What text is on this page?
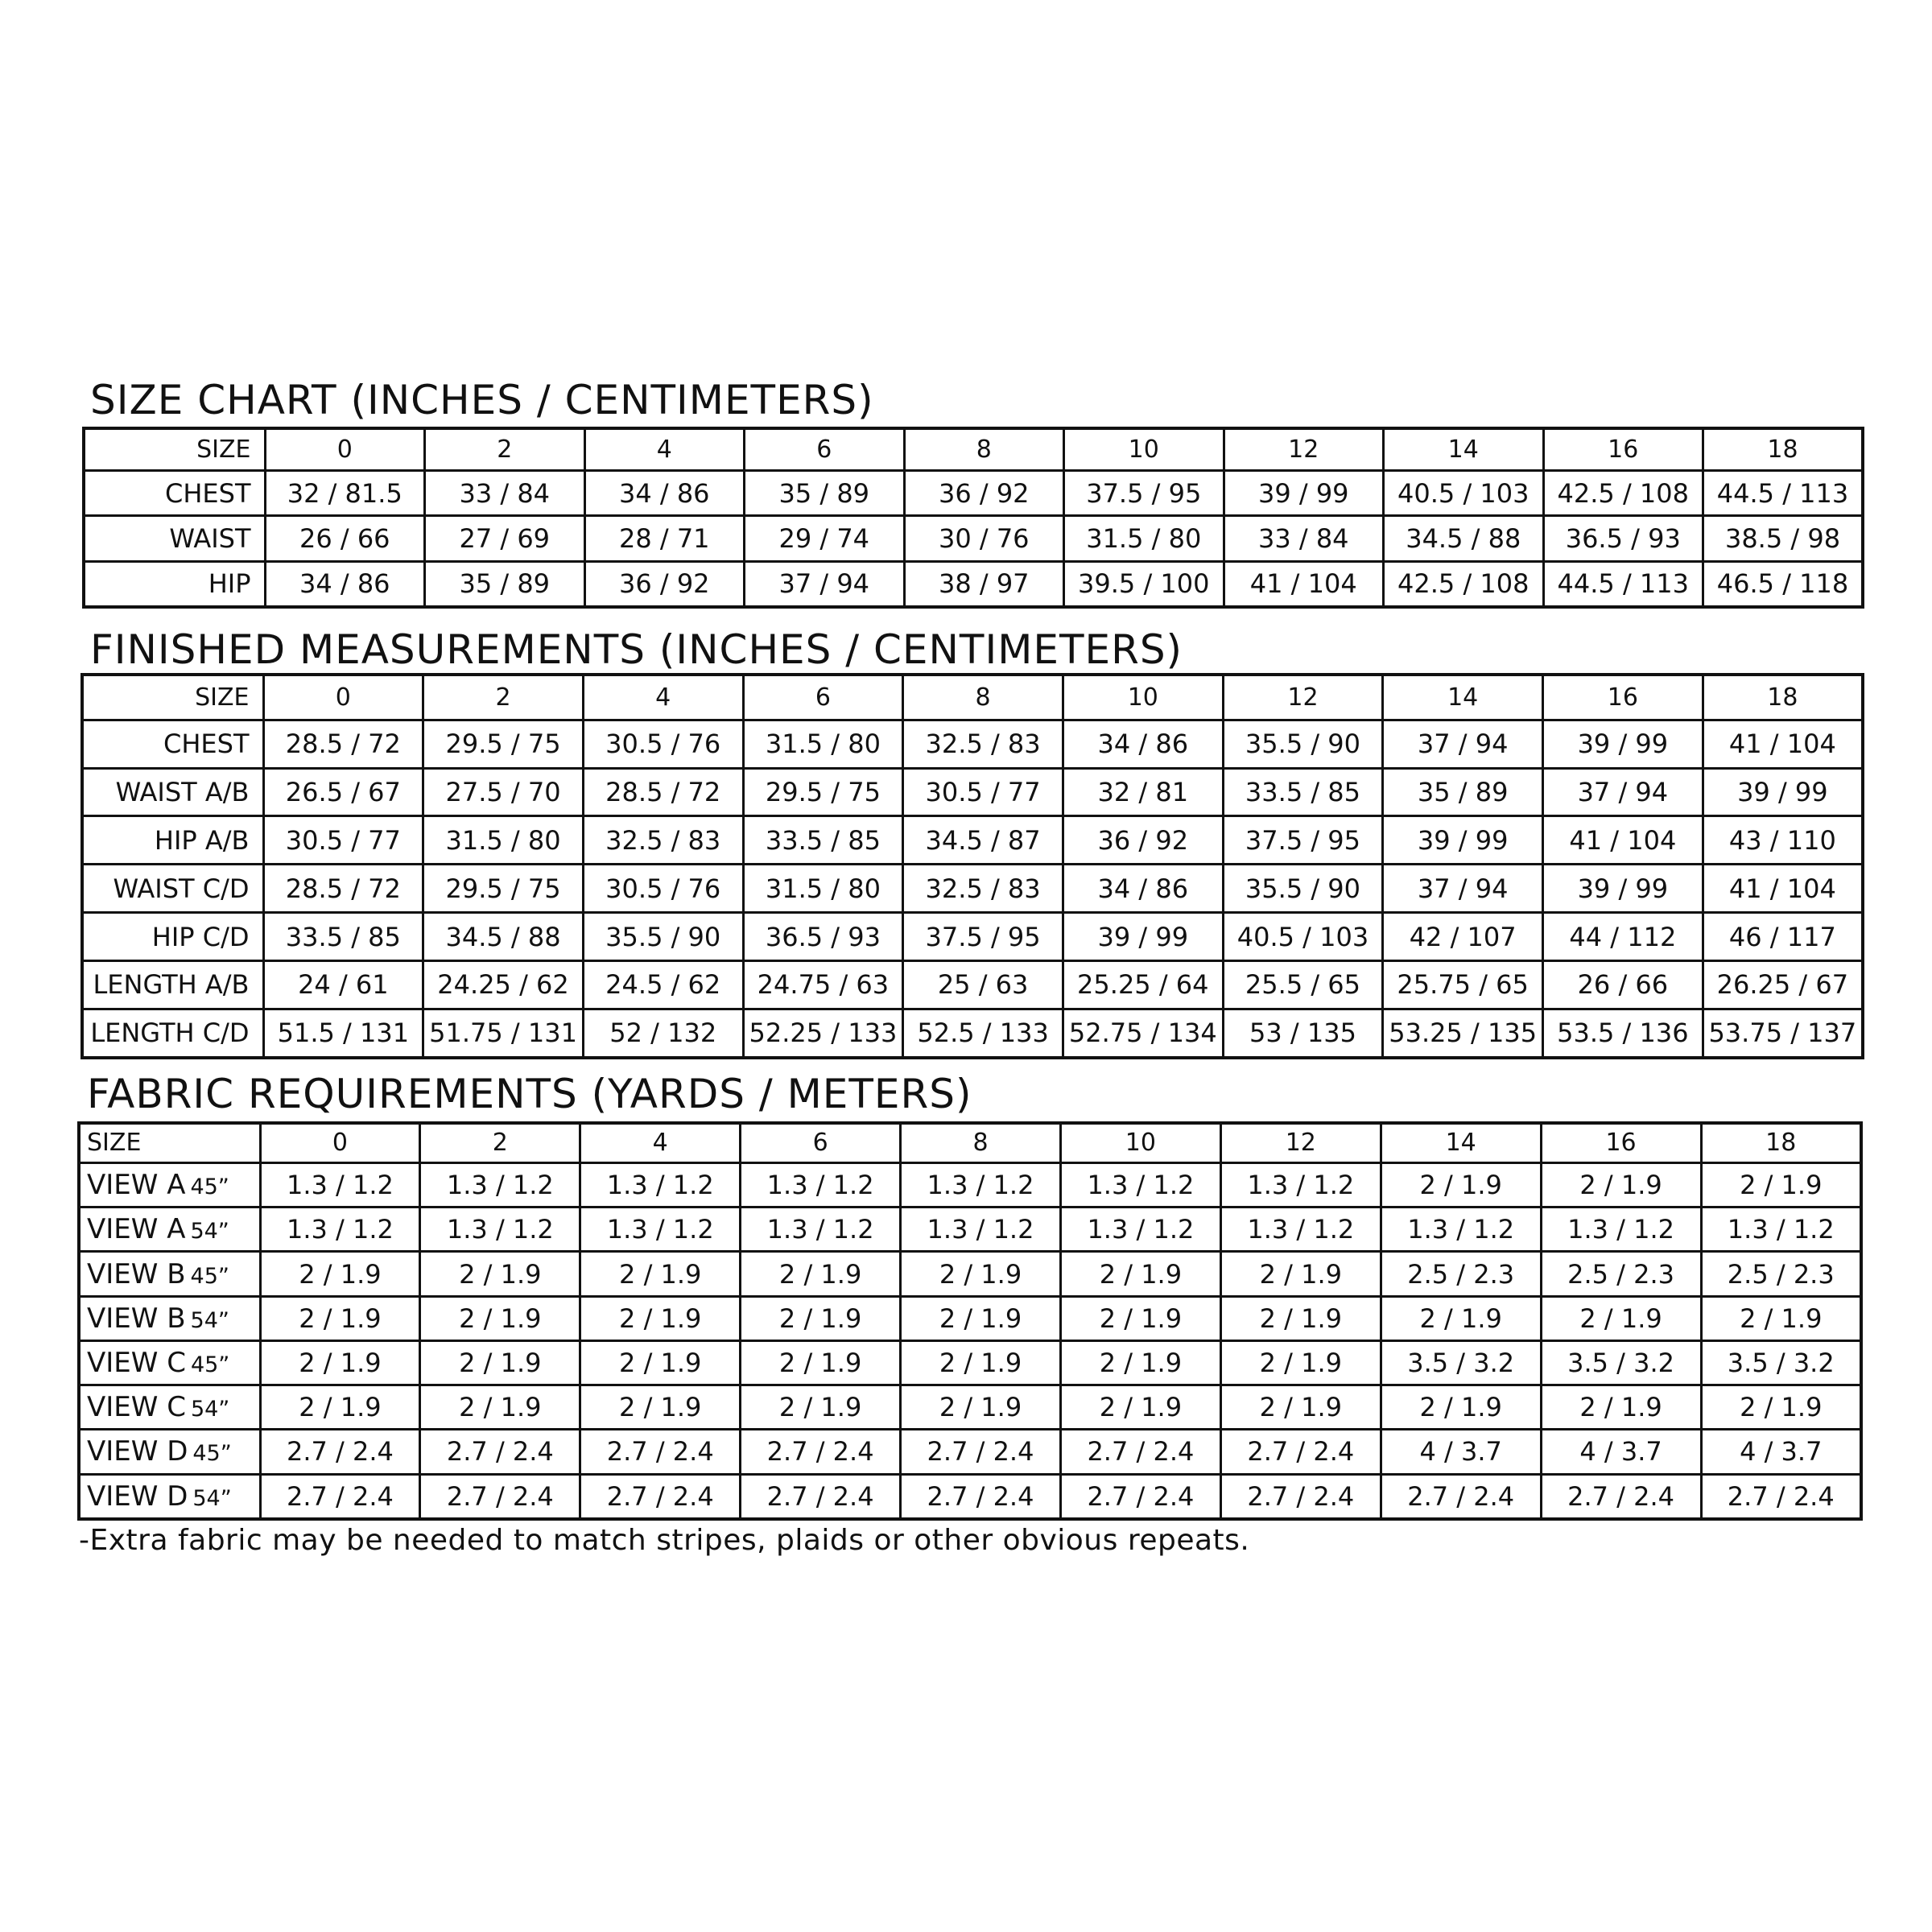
SIZE CHART (INCHES / CENTIMETERS)
SIZE	0	2	4	6	8	10	12	14	16	18
CHEST	32 / 81.5	33 / 84	34 / 86	35 / 89	36 / 92	37.5 / 95	39 / 99	40.5 / 103	42.5 / 108	44.5 / 113
WAIST	26 / 66	27 / 69	28 / 71	29 / 74	30 / 76	31.5 / 80	33 / 84	34.5 / 88	36.5 / 93	38.5 / 98
HIP	34 / 86	35 / 89	36 / 92	37 / 94	38 / 97	39.5 / 100	41 / 104	42.5 / 108	44.5 / 113	46.5 / 118
FINISHED MEASUREMENTS (INCHES / CENTIMETERS)
SIZE	0	2	4	6	8	10	12	14	16	18
CHEST	28.5 / 72	29.5 / 75	30.5 / 76	31.5 / 80	32.5 / 83	34 / 86	35.5 / 90	37 / 94	39 / 99	41 / 104
WAIST A/B	26.5 / 67	27.5 / 70	28.5 / 72	29.5 / 75	30.5 / 77	32 / 81	33.5 / 85	35 / 89	37 / 94	39 / 99
HIP A/B	30.5 / 77	31.5 / 80	32.5 / 83	33.5 / 85	34.5 / 87	36 / 92	37.5 / 95	39 / 99	41 / 104	43 / 110
WAIST C/D	28.5 / 72	29.5 / 75	30.5 / 76	31.5 / 80	32.5 / 83	34 / 86	35.5 / 90	37 / 94	39 / 99	41 / 104
HIP C/D	33.5 / 85	34.5 / 88	35.5 / 90	36.5 / 93	37.5 / 95	39 / 99	40.5 / 103	42 / 107	44 / 112	46 / 117
LENGTH A/B	24 / 61	24.25 / 62	24.5 / 62	24.75 / 63	25 / 63	25.25 / 64	25.5 / 65	25.75 / 65	26 / 66	26.25 / 67
LENGTH C/D	51.5 / 131	51.75 / 131	52 / 132	52.25 / 133	52.5 / 133	52.75 / 134	53 / 135	53.25 / 135	53.5 / 136	53.75 / 137
FABRIC REQUIREMENTS (YARDS / METERS)
SIZE	0	2	4	6	8	10	12	14	16	18
VIEW A 45”	1.3 / 1.2	1.3 / 1.2	1.3 / 1.2	1.3 / 1.2	1.3 / 1.2	1.3 / 1.2	1.3 / 1.2	2 / 1.9	2 / 1.9	2 / 1.9
VIEW A 54”	1.3 / 1.2	1.3 / 1.2	1.3 / 1.2	1.3 / 1.2	1.3 / 1.2	1.3 / 1.2	1.3 / 1.2	1.3 / 1.2	1.3 / 1.2	1.3 / 1.2
VIEW B 45”	2 / 1.9	2 / 1.9	2 / 1.9	2 / 1.9	2 / 1.9	2 / 1.9	2 / 1.9	2.5 / 2.3	2.5 / 2.3	2.5 / 2.3
VIEW B 54”	2 / 1.9	2 / 1.9	2 / 1.9	2 / 1.9	2 / 1.9	2 / 1.9	2 / 1.9	2 / 1.9	2 / 1.9	2 / 1.9
VIEW C 45”	2 / 1.9	2 / 1.9	2 / 1.9	2 / 1.9	2 / 1.9	2 / 1.9	2 / 1.9	3.5 / 3.2	3.5 / 3.2	3.5 / 3.2
VIEW C 54”	2 / 1.9	2 / 1.9	2 / 1.9	2 / 1.9	2 / 1.9	2 / 1.9	2 / 1.9	2 / 1.9	2 / 1.9	2 / 1.9
VIEW D 45”	2.7 / 2.4	2.7 / 2.4	2.7 / 2.4	2.7 / 2.4	2.7 / 2.4	2.7 / 2.4	2.7 / 2.4	4 / 3.7	4 / 3.7	4 / 3.7
VIEW D 54”	2.7 / 2.4	2.7 / 2.4	2.7 / 2.4	2.7 / 2.4	2.7 / 2.4	2.7 / 2.4	2.7 / 2.4	2.7 / 2.4	2.7 / 2.4	2.7 / 2.4

-Extra fabric may be needed to match stripes, plaids or other obvious repeats.
